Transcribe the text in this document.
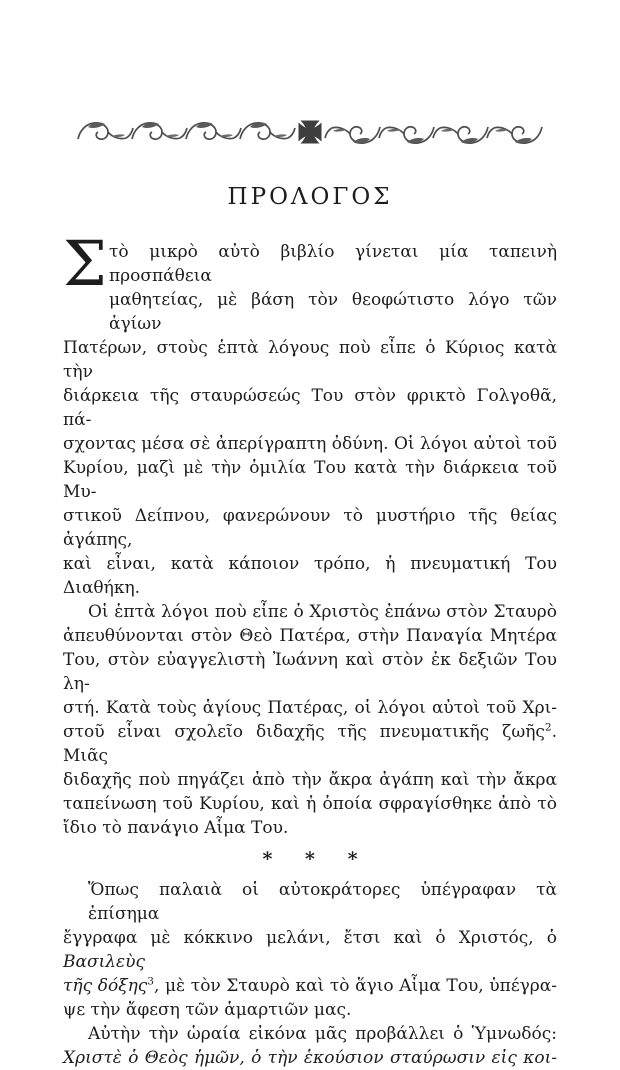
ΠΡΟΛΟΓΟΣ
Σ τὸ μικρὸ αὐτὸ βιβλίο γίνεται μία ταπεινὴ προσπάθεια
μαθητείας, μὲ βάση τὸν θεοφώτιστο λόγο τῶν ἁγίων
Πατέρων, στοὺς ἑπτὰ λόγους ποὺ εἶπε ὁ Κύριος κατὰ τὴν
διάρκεια τῆς σταυρώσεώς Του στὸν φρικτὸ Γολγοθᾶ, πά-
σχοντας μέσα σὲ ἀπερίγραπτη ὀδύνη. Οἱ λόγοι αὐτοὶ τοῦ
Κυρίου, μαζὶ μὲ τὴν ὁμιλία Του κατὰ τὴν διάρκεια τοῦ Μυ-
στικοῦ Δείπνου, φανερώνουν τὸ μυστήριο τῆς θείας ἀγάπης,
καὶ εἶναι, κατὰ κάποιον τρόπο, ἡ πνευματική Του Διαθήκη.
Οἱ ἑπτὰ λόγοι ποὺ εἶπε ὁ Χριστὸς ἐπάνω στὸν Σταυρὸ
ἀπευθύνονται στὸν Θεὸ Πατέρα, στὴν Παναγία Μητέρα
Του, στὸν εὐαγγελιστὴ Ἰωάννη καὶ στὸν ἐκ δεξιῶν Του λη-
στή. Κατὰ τοὺς ἁγίους Πατέρας, οἱ λόγοι αὐτοὶ τοῦ Χρι-
στοῦ εἶναι σχολεῖο διδαχῆς τῆς πνευματικῆς ζωῆς$^2$. Μιᾶς
διδαχῆς ποὺ πηγάζει ἀπὸ τὴν ἄκρα ἀγάπη καὶ τὴν ἄκρα
ταπείνωση τοῦ Κυρίου, καὶ ἡ ὁποία σφραγίσθηκε ἀπὸ τὸ
ἴδιο τὸ πανάγιο Αἷμα Του.
* * *
Ὅπως παλαιὰ οἱ αὐτοκράτορες ὑπέγραφαν τὰ ἐπίσημα
ἔγγραφα μὲ κόκκινο μελάνι, ἔτσι καὶ ὁ Χριστός, ὁ Βασιλεὺς
τῆς δόξης$^3$, μὲ τὸν Σταυρὸ καὶ τὸ ἅγιο Αἷμα Του, ὑπέγρα-
ψε τὴν ἄφεση τῶν ἁμαρτιῶν μας.
Αὐτὴν τὴν ὡραία εἰκόνα μᾶς προβάλλει ὁ Ὑμνωδός:
Χριστὲ ὁ Θεὸς ἡμῶν, ὁ τὴν ἑκούσιον σταύρωσιν εἰς κοι-
